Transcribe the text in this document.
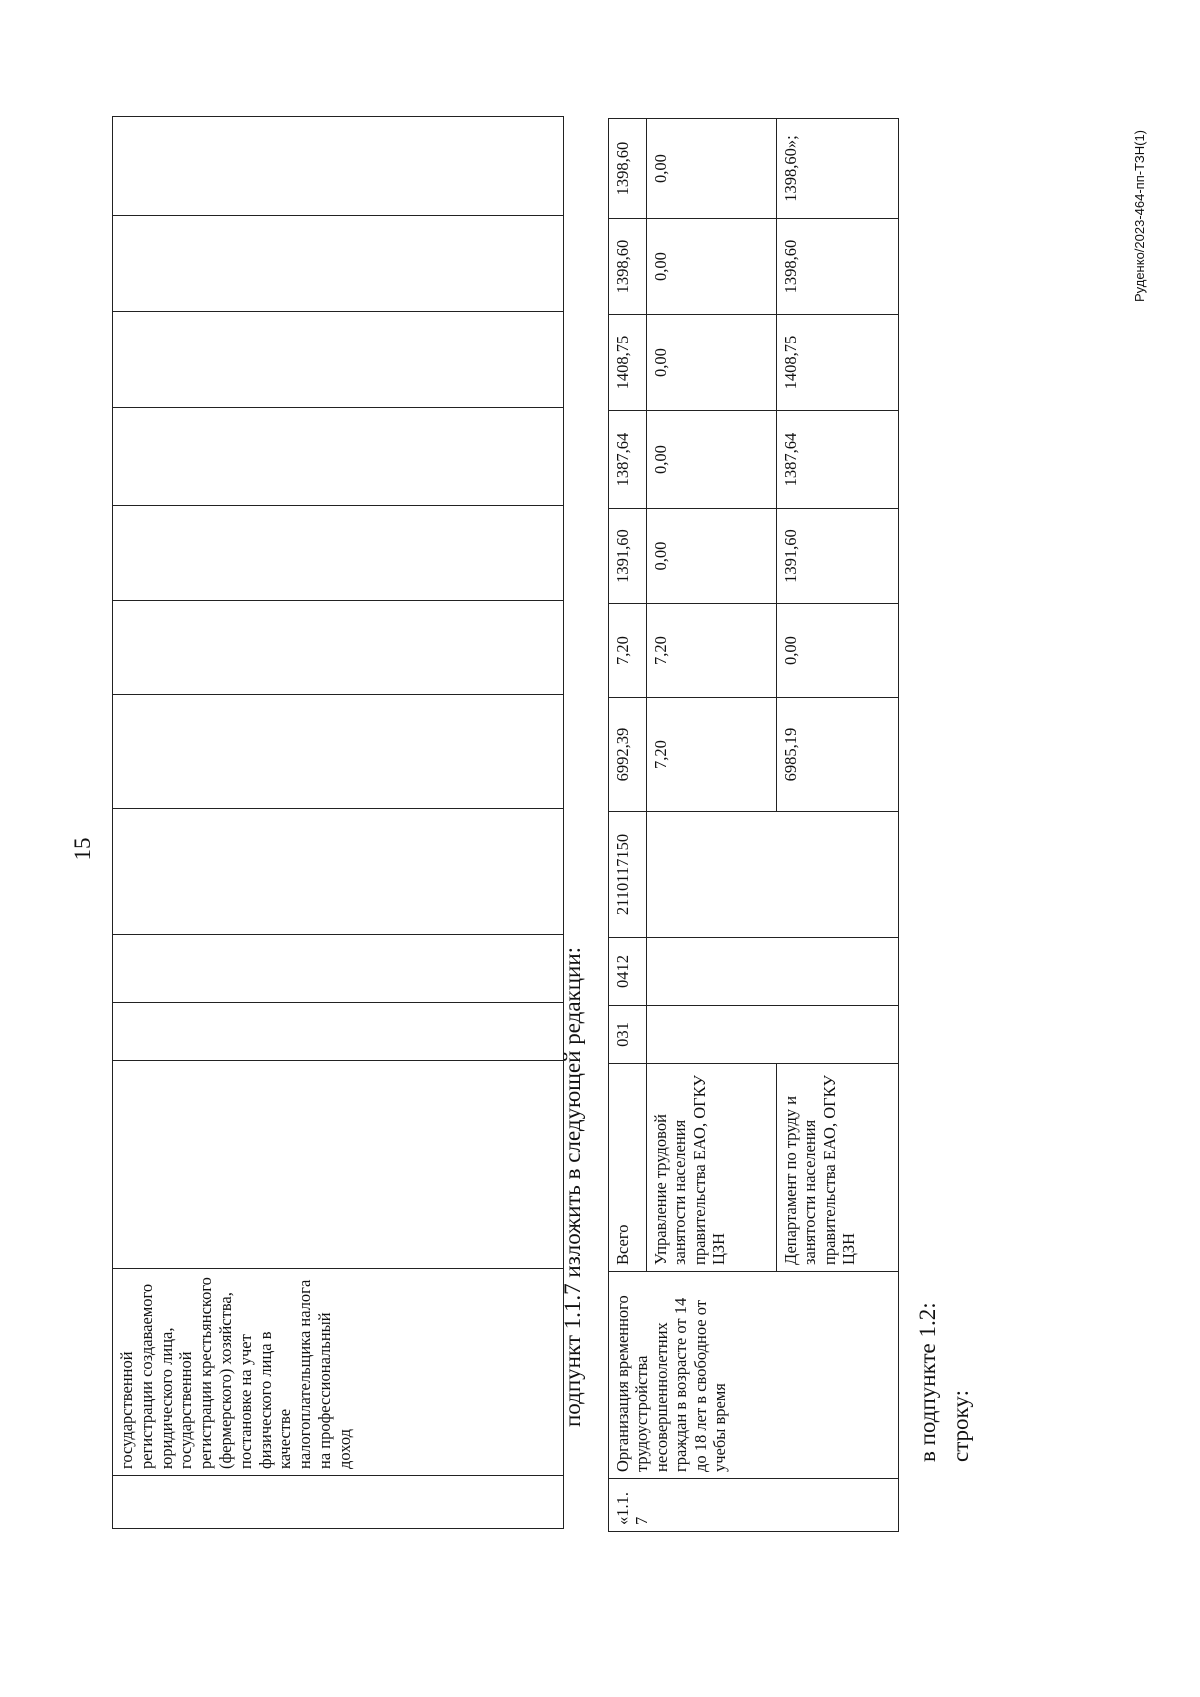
15
	государственной регистрации создаваемого юридического лица, государственной регистрации крестьянского (фермерского) хозяйства, постановке на учет физического лица в качестве налогоплательщика налога на профессиональный доход											
подпункт 1.1.7 изложить в следующей редакции:
«1.1.7	Организация временного трудоустройства несовершеннолетних граждан в возрасте от 14 до 18 лет в свободное от учебы время	Всего	031	0412	2110117150	6992,39	7,20	1391,60	1387,64	1408,75	1398,60	1398,60
		Управление трудовой занятости населения правительства ЕАО, ОГКУ ЦЗН				7,20	7,20	0,00	0,00	0,00	0,00	0,00
		Департамент по труду и занятости населения правительства ЕАО, ОГКУ ЦЗН				6985,19	0,00	1391,60	1387,64	1408,75	1398,60	1398,60»;
в подпункте 1.2: строку:
Руденко/2023-464-пп-ТЗН(1)
